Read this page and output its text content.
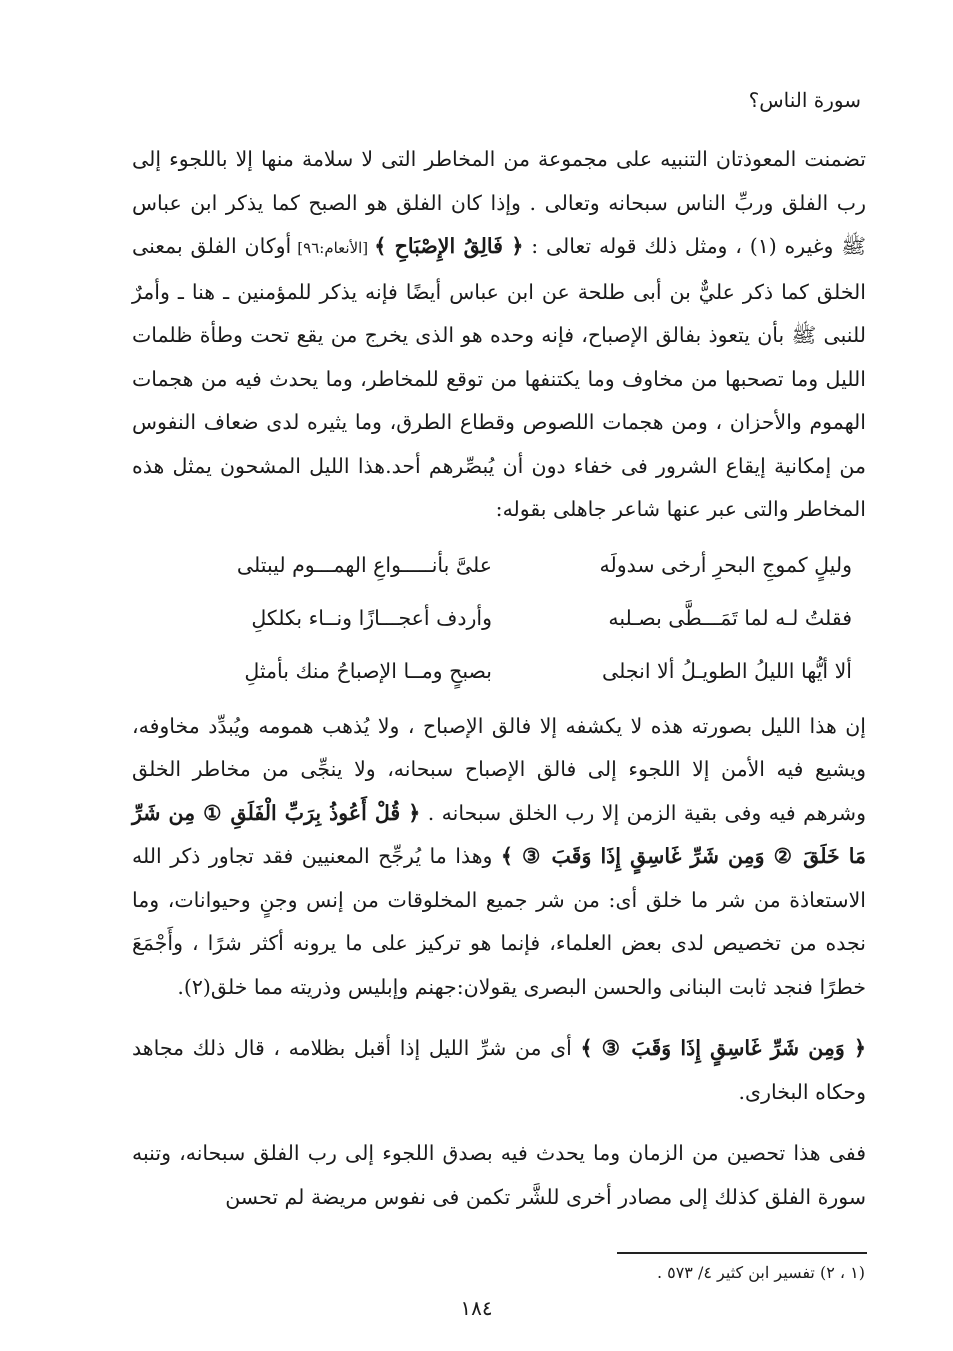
سورة الناس؟

تضمنت المعوذتان التنبيه على مجموعة من المخاطر التى لا سلامة منها إلا باللجوء إلى رب الفلق وربِّ الناس سبحانه وتعالى . وإذا كان الفلق هو الصبح كما يذكر ابن عباس ﷺ وغيره (١) ، ومثل ذلك قوله تعالى : ﴿ فَالِقُ الإِصْبَاحِ ﴾ [الأنعام:٩٦] أوكان الفلق بمعنى الخلق كما ذكر عليٌّ بن أبى طلحة عن ابن عباس أيضًا فإنه يذكر للمؤمنين ـ هنا ـ وأمرٌ للنبى ﷺ بأن يتعوذ بفالق الإصباح، فإنه وحده هو الذى يخرج من يقع تحت وطأة ظلمات الليل وما تصحبها من مخاوف وما يكتنفها من توقع للمخاطر، وما يحدث فيه من هجمات الهموم والأحزان ، ومن هجمات اللصوص وقطاع الطرق، وما يثيره لدى ضعاف النفوس من إمكانية إيقاع الشرور فى خفاء دون أن يُبصِّرهم أحد.هذا الليل المشحون يمثل هذه المخاطر والتى عبر عنها شاعر جاهلى بقوله:

وليلٍ كموجِ البحرِ أرخى سدولَه
علىَّ بأنـــــواعِ الهمـــوم ليبتلى
فقلتُ لـه لما تَمَـــطَّى بصـلبه
وأردف أعجـــازًا ونــاء بكلكلِ
ألا أيُّها الليلُ الطويـلُ ألا انجلى
بصبحٍ ومــا الإصباحُ منك بأمثلِ

إن هذا الليل بصورته هذه لا يكشفه إلا فالق الإصباح ، ولا يُذهب همومه ويُبدِّد مخاوفه، ويشيع فيه الأمن إلا اللجوء إلى فالق الإصباح سبحانه، ولا ينجِّى من مخاطر الخلق وشرهم فيه وفى بقية الزمن إلا رب الخلق سبحانه . ﴿ قُلْ أَعُوذُ بِرَبِّ الْفَلَقِ ① مِن شَرِّ مَا خَلَقَ ② وَمِن شَرِّ غَاسِقٍ إِذَا وَقَبَ ③ ﴾ وهذا ما يُرجِّح المعنيين فقد تجاور ذكر الله الاستعاذة من شر ما خلق أى: من شر جميع المخلوقات من إنس وجنٍ وحيوانات، وما نجده من تخصيص لدى بعض العلماء، فإنما هو تركيز على ما يرونه أكثر شرًا ، وأَجْمَعَ خطرًا فنجد ثابت البنانى والحسن البصرى يقولان:جهنم وإبليس وذريته مما خلق(٢).

﴿ وَمِن شَرِّ غَاسِقٍ إِذَا وَقَبَ ③ ﴾ أى من شرِّ الليل إذا أقبل بظلامه ، قال ذلك مجاهد وحكاه البخارى.

ففى هذا تحصين من الزمان وما يحدث فيه بصدق اللجوء إلى رب الفلق سبحانه، وتنبه سورة الفلق كذلك إلى مصادر أخرى للشَّر تكمن فى نفوس مريضة لم تحسن

(١ ، ٢) تفسير ابن كثير ٤/ ٥٧٣ .
١٨٤
